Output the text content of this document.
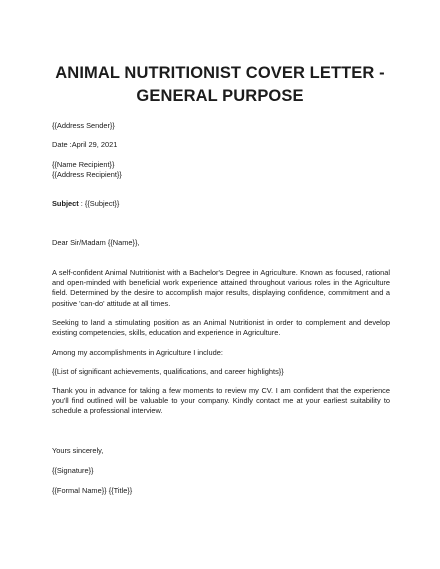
ANIMAL NUTRITIONIST COVER LETTER -
GENERAL PURPOSE
{{Address Sender}}
Date :April 29, 2021
{{Name Recipient}}
{{Address Recipient}}
Subject : {{Subject}}
Dear Sir/Madam {{Name}},
A self-confident Animal Nutritionist with a Bachelor's Degree in Agriculture. Known as focused, rational and open-minded with beneficial work experience attained throughout various roles in the Agriculture field. Determined by the desire to accomplish major results, displaying confidence, commitment and a positive 'can-do' attitude at all times.
Seeking to land a stimulating position as an Animal Nutritionist in order to complement and develop existing competencies, skills, education and experience in Agriculture.
Among my accomplishments in Agriculture I include:
{{List of significant achievements, qualifications, and career highlights}}
Thank you in advance for taking a few moments to review my CV. I am confident that the experience you'll find outlined will be valuable to your company. Kindly contact me at your earliest suitability to schedule a professional interview.
Yours sincerely,
{{Signature}}
{{Formal Name}} {{Title}}
